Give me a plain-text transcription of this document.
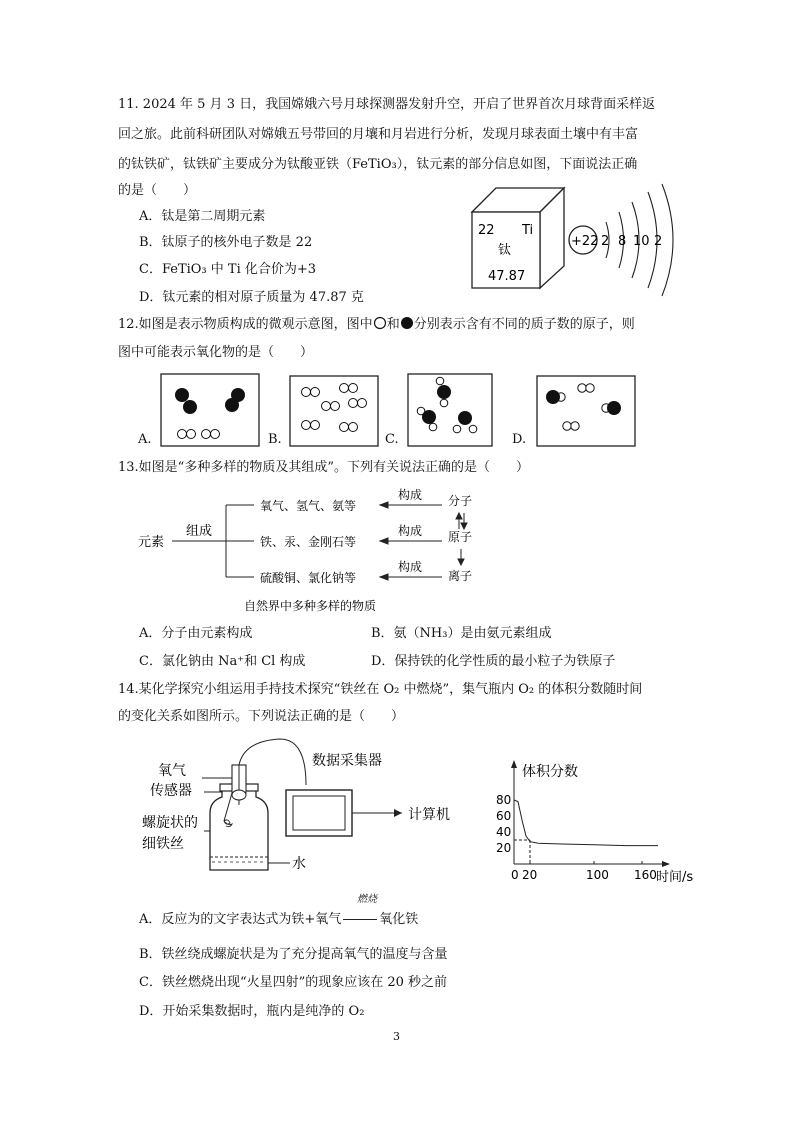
11. 2024 年 5 月 3 日，我国嫦娥六号月球探测器发射升空，开启了世界首次月球背面采样返
回之旅。此前科研团队对嫦娥五号带回的月壤和月岩进行分析，发现月球表面土壤中有丰富
的钛铁矿，钛铁矿主要成分为钛酸亚铁（FeTiO₃），钛元素的部分信息如图，下面说法正确
的是（　　）
A．钛是第二周期元素
B．钛原子的核外电子数是 22
C．FeTiO₃ 中 Ti 化合价为+3
D．钛元素的相对原子质量为 47.87 克
22 Ti
钛
47.87
+22 2 8 10 2
12.如图是表示物质构成的微观示意图，图中 和 分别表示含有不同的质子数的原子，则
图中可能表示氧化物的是（　　）
A.	B.	C.	D.
13.如图是“多种多样的物质及其组成”。下列有关说法正确的是（　　）
元素
组成
氧气、氢气、氨等
铁、汞、金刚石等
硫酸铜、氯化钠等
构成
构成
构成
分子
原子
离子
自然界中多种多样的物质
A．分子由元素构成	B．氨（NH₃）是由氨元素组成
C．氯化钠由 Na⁺和 Cl 构成	D．保持铁的化学性质的最小粒子为铁原子
14.某化学探究小组运用手持技术探究“铁丝在 O₂ 中燃烧”，集气瓶内 O₂ 的体积分数随时间
的变化关系如图所示。下列说法正确的是（　　）
氧气
传感器
螺旋状的
细铁丝
水
数据采集器
计算机
体积分数
时间/s
80
60
40
20
0 20	100 160
燃烧
A．反应为的文字表达式为铁+氧气	氧化铁
B．铁丝绕成螺旋状是为了充分提高氧气的温度与含量
C．铁丝燃烧出现“火星四射”的现象应该在 20 秒之前
D．开始采集数据时，瓶内是纯净的 O₂
3
